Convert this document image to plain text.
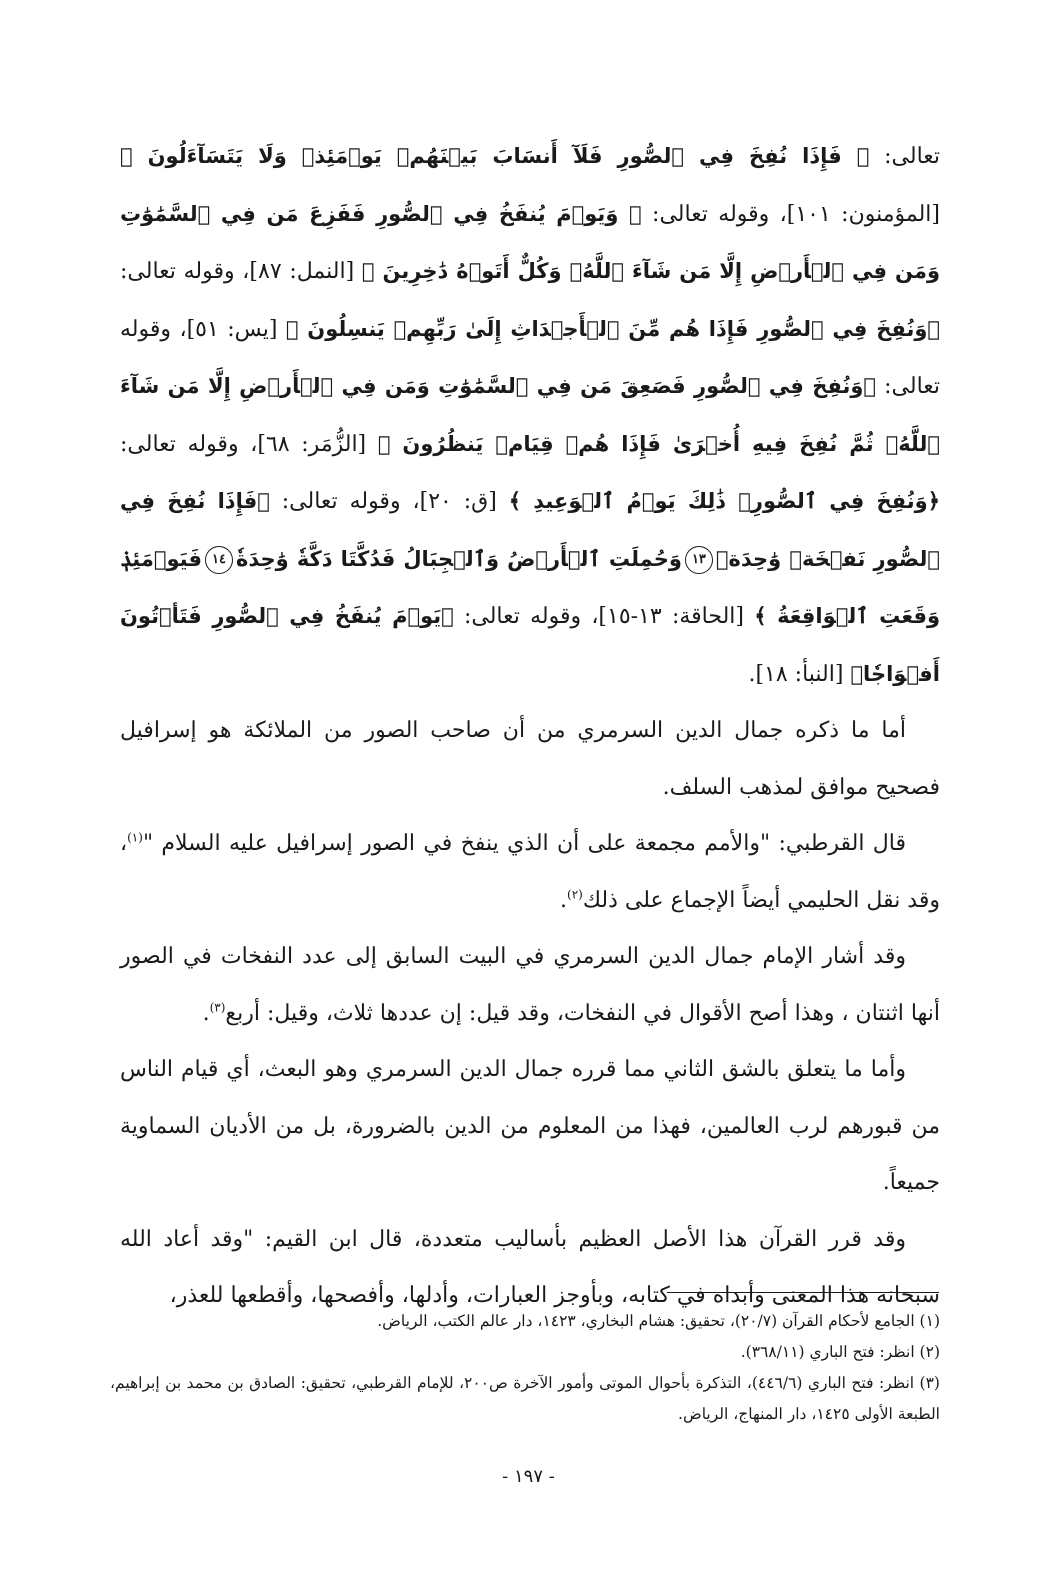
تعالى: ﴿ فَإِذَا نُفِخَ فِي ٱلصُّورِ فَلَآ أَنسَابَ بَيۡنَهُمۡ يَوۡمَئِذٖ وَلَا يَتَسَآءَلُونَ ﴾ [المؤمنون: ١٠١]، وقوله تعالى: ﴿ وَيَوۡمَ يُنفَخُ فِي ٱلصُّورِ فَفَزِعَ مَن فِي ٱلسَّمَٰوَٰتِ وَمَن فِي ٱلۡأَرۡضِ إِلَّا مَن شَآءَ ٱللَّهُۚ وَكُلٌّ أَتَوۡهُ دَٰخِرِينَ ﴾ [النمل: ٨٧]، وقوله تعالى: ﴿وَنُفِخَ فِي ٱلصُّورِ فَإِذَا هُم مِّنَ ٱلۡأَجۡدَاثِ إِلَىٰ رَبِّهِمۡ يَنسِلُونَ ﴾ [يس: ٥١]، وقوله تعالى: ﴿وَنُفِخَ فِي ٱلصُّورِ فَصَعِقَ مَن فِي ٱلسَّمَٰوَٰتِ وَمَن فِي ٱلۡأَرۡضِ إِلَّا مَن شَآءَ ٱللَّهُۖ ثُمَّ نُفِخَ فِيهِ أُخۡرَىٰ فَإِذَا هُمۡ قِيَامٞ يَنظُرُونَ ﴾ [الزُّمَر: ٦٨]، وقوله تعالى: ﴿وَنُفِخَ فِي ٱلصُّورِۚ ذَٰلِكَ يَوۡمُ ٱلۡوَعِيدِ ﴾ [ق: ٢٠]، وقوله تعالى: ﴿فَإِذَا نُفِخَ فِي ٱلصُّورِ نَفۡخَةٞ وَٰحِدَةٞ١٣وَحُمِلَتِ ٱلۡأَرۡضُ وَٱلۡجِبَالُ فَدُكَّتَا دَكَّةٗ وَٰحِدَةٗ١٤فَيَوۡمَئِذٖ وَقَعَتِ ٱلۡوَاقِعَةُ ﴾ [الحاقة: ١٣-١٥]، وقوله تعالى: ﴿يَوۡمَ يُنفَخُ فِي ٱلصُّورِ فَتَأۡتُونَ أَفۡوَاجٗا﴾ [النبأ: ١٨].

أما ما ذكره جمال الدين السرمري من أن صاحب الصور من الملائكة هو إسرافيل فصحيح موافق لمذهب السلف.

قال القرطبي: "والأمم مجمعة على أن الذي ينفخ في الصور إسرافيل عليه السلام "$^{(١)}$، وقد نقل الحليمي أيضاً الإجماع على ذلك$^{(٢)}$.

وقد أشار الإمام جمال الدين السرمري في البيت السابق إلى عدد النفخات في الصور أنها اثنتان ، وهذا أصح الأقوال في النفخات، وقد قيل: إن عددها ثلاث، وقيل: أربع$^{(٣)}$.

وأما ما يتعلق بالشق الثاني مما قرره جمال الدين السرمري وهو البعث، أي قيام الناس من قبورهم لرب العالمين، فهذا من المعلوم من الدين بالضرورة، بل من الأديان السماوية جميعاً.

وقد قرر القرآن هذا الأصل العظيم بأساليب متعددة، قال ابن القيم: "وقد أعاد الله سبحانه هذا المعنى وأبداه في كتابه، وبأوجز العبارات، وأدلها، وأفصحها، وأقطعها للعذر،

(١) الجامع لأحكام القرآن (٢٠/٧)، تحقيق: هشام البخاري، ١٤٢٣، دار عالم الكتب، الرياض.

(٢) انظر: فتح الباري (٣٦٨/١١).

(٣) انظر: فتح الباري (٤٤٦/٦)، التذكرة بأحوال الموتى وأمور الآخرة ص٢٠٠، للإمام القرطبي، تحقيق: الصادق بن محمد بن إبراهيم، الطبعة الأولى ١٤٢٥، دار المنهاج، الرياض.

- ١٩٧ -
